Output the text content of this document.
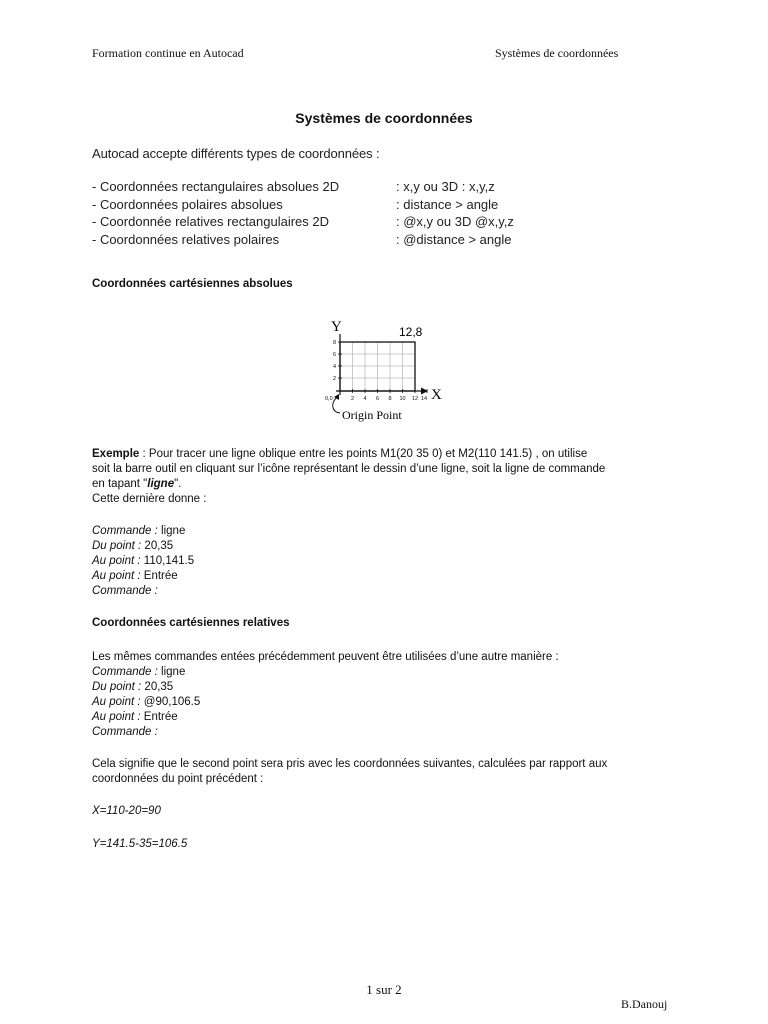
Formation continue en Autocad	Systèmes de coordonnées
Systèmes de coordonnées
Autocad accepte différents types de coordonnées :
- Coordonnées rectangulaires absolues 2D	: x,y ou 3D : x,y,z
- Coordonnées polaires absolues	: distance > angle
- Coordonnée relatives rectangulaires 2D	: @x,y ou 3D @x,y,z
- Coordonnées relatives polaires	: @distance > angle
Coordonnées cartésiennes absolues
2 4 6 8 10 12 14
2
4
6
8
0,0
Y
X
12,8
Origin Point
Exemple : Pour tracer une ligne oblique entre les points M1(20 35 0) et M2(110 141.5) , on utilise
soit la barre outil en cliquant sur l’icône représentant le dessin d’une ligne, soit la ligne de commande
en tapant "ligne".
Cette dernière donne :
Commande : ligne
Du point : 20,35
Au point : 110,141.5
Au point : Entrée
Commande :
Coordonnées cartésiennes relatives
Les mêmes commandes entées précédemment peuvent être utilisées d’une autre manière :
Commande : ligne
Du point : 20,35
Au point : @90,106.5
Au point : Entrée
Commande :
Cela signifie que le second point sera pris avec les coordonnées suivantes, calculées par rapport aux
coordonnées du point précédent :
X=110-20=90
Y=141.5-35=106.5
1 sur 2
B.Danouj
